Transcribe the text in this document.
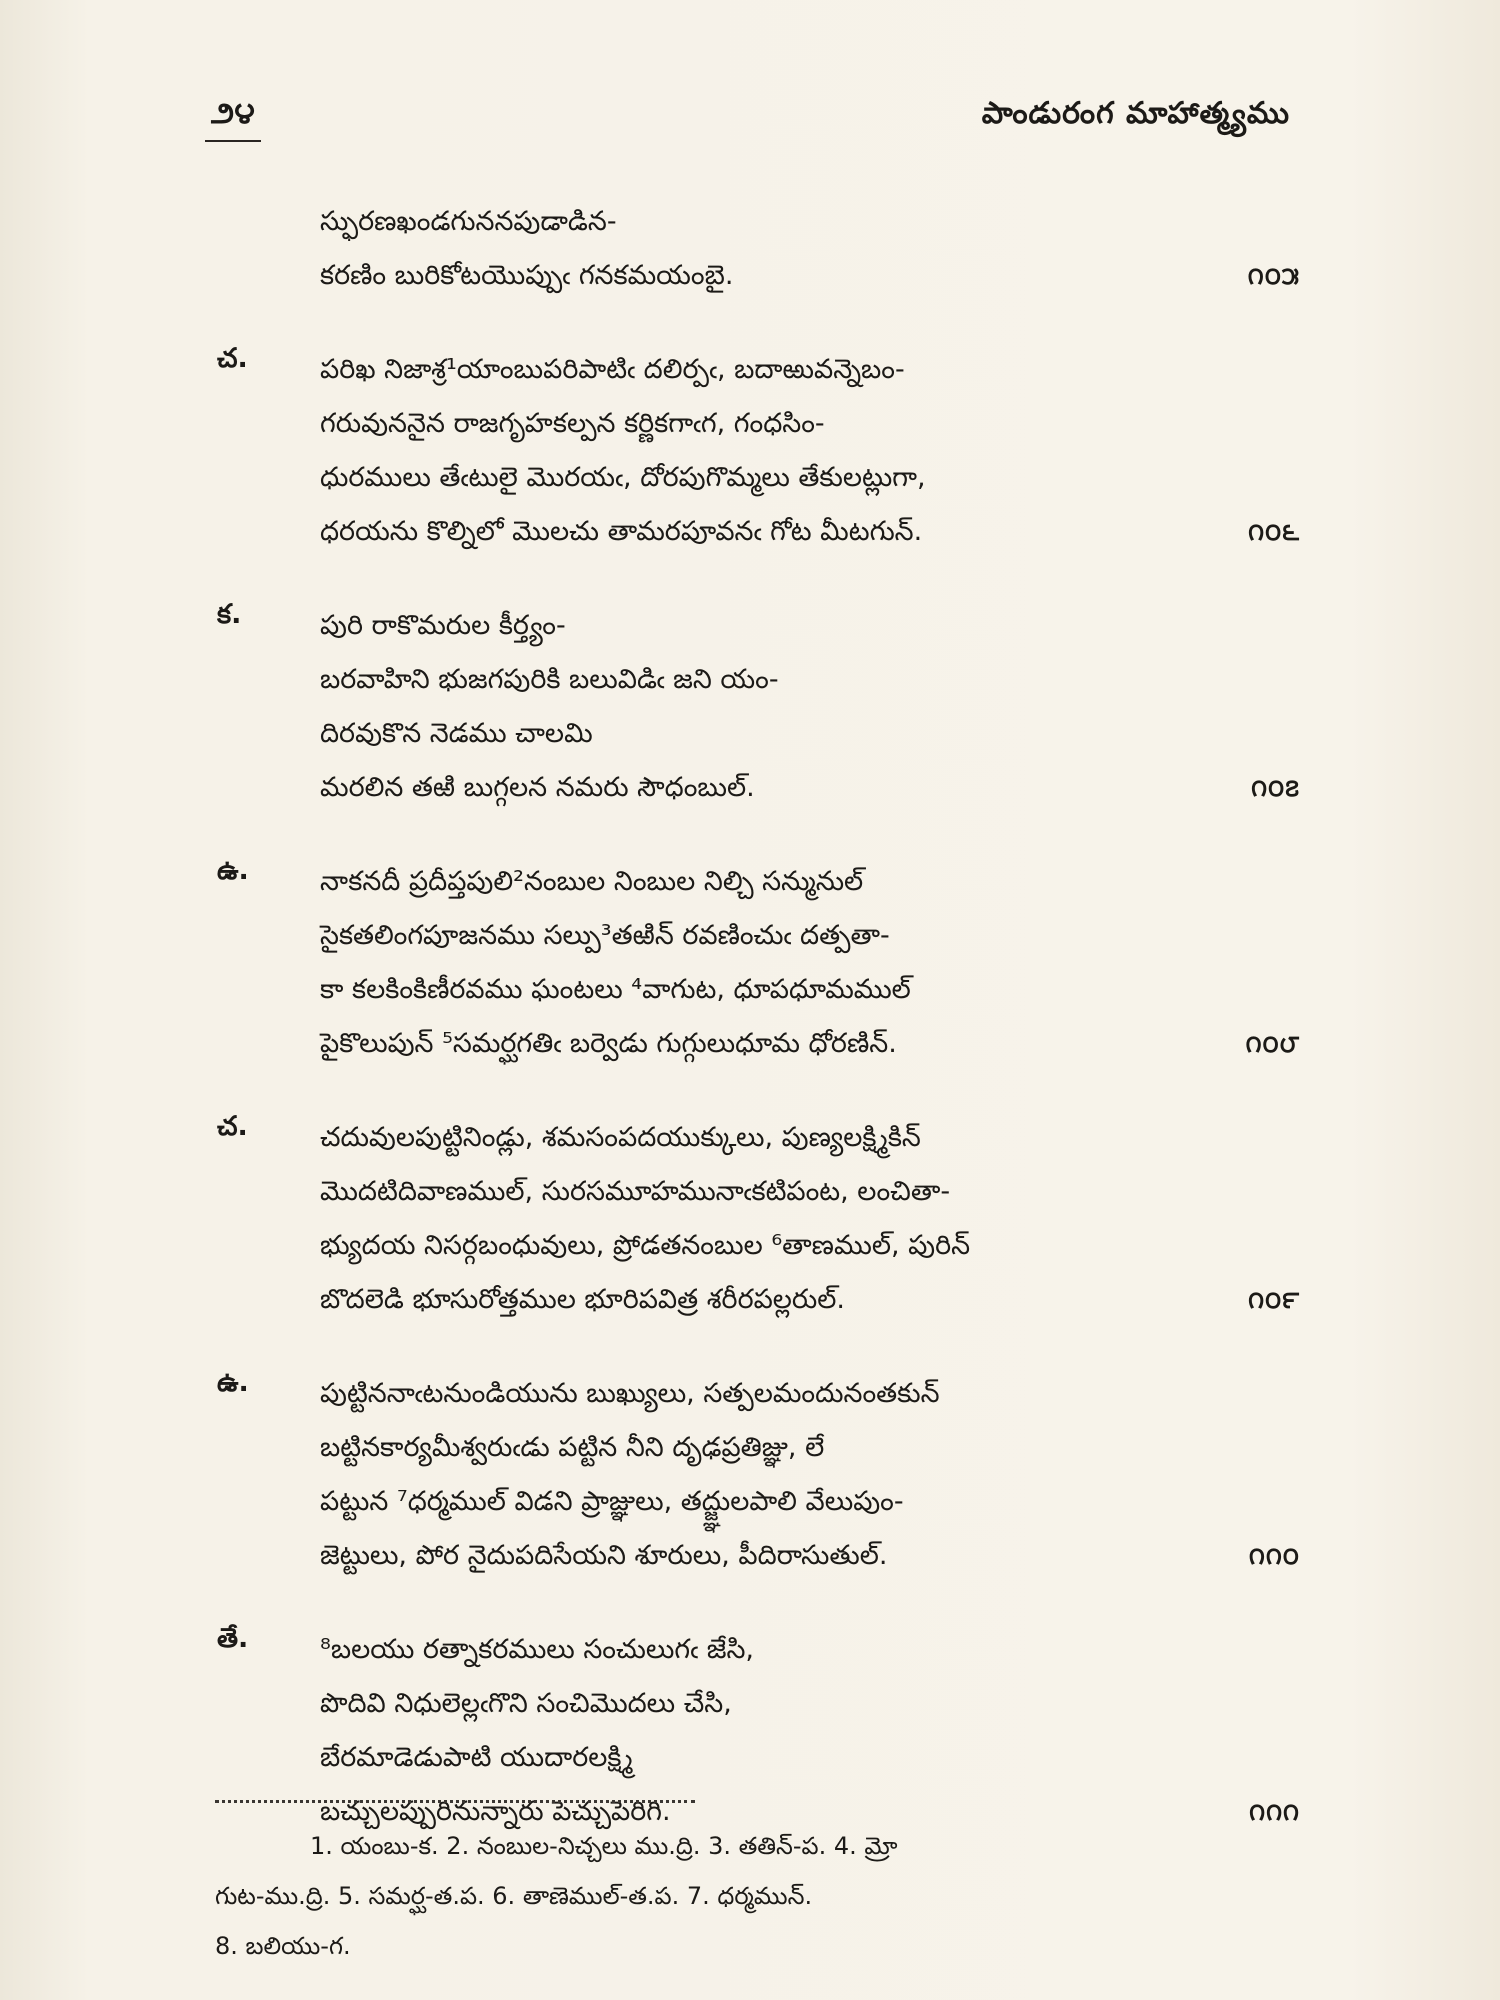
౨౪	పాండురంగ మాహాత్మ్యము
స్ఫురణఖండగుననపుడాడిన-
కరణిం బురికోటయొప్పుఁ గనకమయంబై.	౧౦౫
చ.	పరిఖ నిజాశ్ర¹యాంబుపరిపాటిఁ దలిర్పఁ, బదాఱువన్నెబం-
గరువుననైన రాజగృహకల్పన కర్ణికగాఁగ, గంధసిం-
ధురములు తేఁటులై మొరయఁ, దోరపుగొమ్మలు తేకులట్లుగా,
ధరయను కొల్నిలో మొలచు తామరపూవనఁ గోట మీటగున్.	౧౦౬
క.	పురి రాకొమరుల కీర్త్యం-
బరవాహిని భుజగపురికి బలువిడిఁ జని యం-
దిరవుకొన నెడము చాలమి
మరలిన తఱి బుగ్గలన నమరు సౌధంబుల్.	౧౦౭
ఉ.	నాకనదీ ప్రదీప్తపులి²నంబుల నింబుల నిల్చి సన్మునుల్
సైకతలింగపూజనము సల్పు³తఱిన్ రవణించుఁ దత్పతా-
కా కలకింకిణీరవము ఘంటలు ⁴వాగుట, ధూపధూమముల్
పైకొలుపున్ ⁵సమర్ఘగతిఁ బర్వెడు గుగ్గులుధూమ ధోరణిన్.	౧౦౮
చ.	చదువులపుట్టినిండ్లు, శమసంపదయుక్కులు, పుణ్యలక్ష్మికిన్
మొదటిదివాణముల్, సురసమూహమునాఁకటిపంట, లంచితా-
భ్యుదయ నిసర్గబంధువులు, ప్రోడతనంబుల ⁶తాణముల్, పురిన్
బొదలెడి భూసురోత్తముల భూరిపవిత్ర శరీరపల్లరుల్.	౧౦౯
ఉ.	పుట్టిననాఁటనుండియును బుఖ్యులు, సత్పలమందునంతకున్
బట్టినకార్యమీశ్వరుఁడు పట్టిన నీని దృఢప్రతిజ్ఞు, లే
పట్టున ⁷ధర్మముల్ విడని ప్రాజ్ఞులు, తద్జ్ఞులపాలి వేలుపుం-
జెట్టులు, పోర నైదుపదిసేయని శూరులు, పీదిరాసుతుల్.	౧౧౦
తే.	⁸బలయు రత్నాకరములు సంచులుగఁ జేసి,
పొదివి నిధులెల్లఁగొని సంచిమొదలు చేసి,
బేరమాడెడుపాటి యుదారలక్ష్మి
బచ్చులప్పురినున్నారు పెచ్చుపెరిగి.	౧౧౧
1. యంబు-క. 2. నంబుల-నిచ్చలు ము.ద్రి. 3. తతిన్-ప. 4. మ్రో
గుట-ము.ద్రి. 5. సమర్ఘ-త.ప. 6. తాణెముల్-త.ప. 7. ధర్మమున్.
8. బలియు-గ.
